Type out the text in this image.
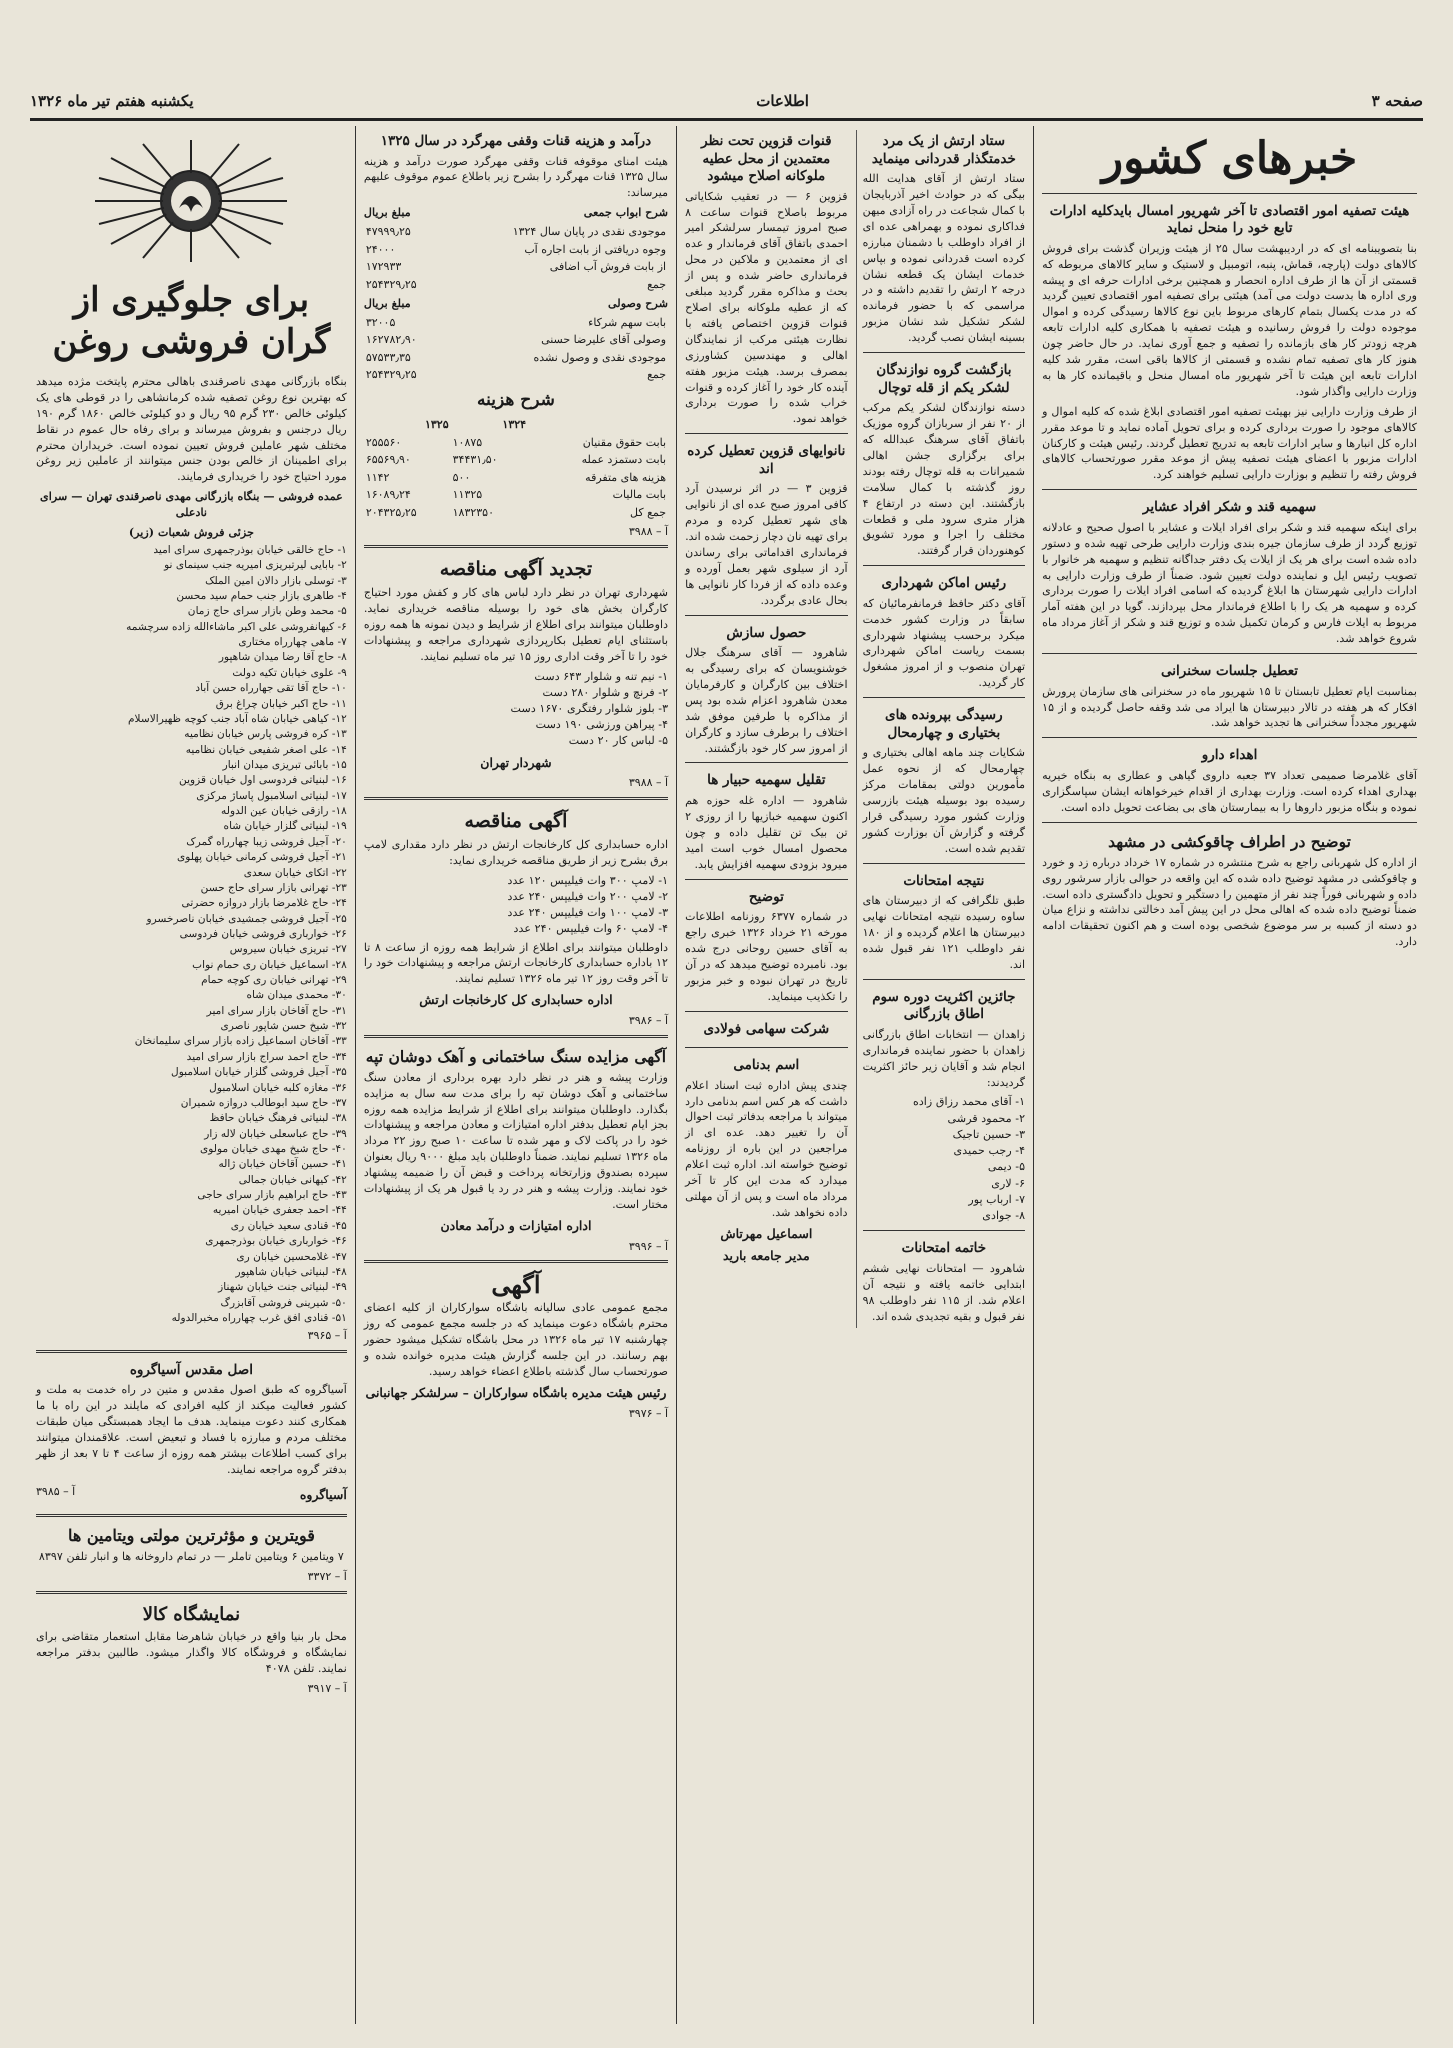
صفحه ۳
اطلاعات
یکشنبه هفتم تیر ماه ۱۳۲۶
خبرهای کشور
هیئت تصفیه امور اقتصادی تا آخر شهریور امسال بایدکلیه ادارات تابع خود را منحل نماید

بنا بتصویبنامه ای که در اردیبهشت سال ۲۵ از هیئت وزیران گذشت برای فروش کالاهای دولت (پارچه، قماش، پنبه، اتومبیل و لاستیک و سایر کالاهای مربوطه که قسمتی از آن ها از طرف اداره انحصار و همچنین برخی ادارات حرفه ای و پیشه وری اداره ها بدست دولت می آمد) هیئتی برای تصفیه امور اقتصادی تعیین گردید که در مدت یکسال بتمام کارهای مربوط باین نوع کالاها رسیدگی کرده و اموال موجوده دولت را فروش رسانیده و هیئت تصفیه با همکاری کلیه ادارات تابعه هرچه زودتر کار های بازمانده را تصفیه و جمع آوری نماید. در حال حاضر چون هنوز کار های تصفیه تمام نشده و قسمتی از کالاها باقی است، مقرر شد کلیه ادارات تابعه این هیئت تا آخر شهریور ماه امسال منحل و باقیمانده کار ها به وزارت دارایی واگذار شود.

از طرف وزارت دارایی نیز بهیئت تصفیه امور اقتصادی ابلاغ شده که کلیه اموال و کالاهای موجود را صورت برداری کرده و برای تحویل آماده نماید و تا موعد مقرر اداره کل انبارها و سایر ادارات تابعه به تدریج تعطیل گردند. رئیس هیئت و کارکنان ادارات مزبور با اعضای هیئت تصفیه پیش از موعد مقرر صورتحساب کالاهای فروش رفته را تنظیم و بوزارت دارایی تسلیم خواهند کرد.

سهمیه قند و شکر افراد عشایر

برای اینکه سهمیه قند و شکر برای افراد ایلات و عشایر با اصول صحیح و عادلانه توزیع گردد از طرف سازمان جیره بندی وزارت دارایی طرحی تهیه شده و دستور داده شده است برای هر یک از ایلات یک دفتر جداگانه تنظیم و سهمیه هر خانوار با تصویب رئیس ایل و نماینده دولت تعیین شود. ضمناً از طرف وزارت دارایی به ادارات دارایی شهرستان ها ابلاغ گردیده که اسامی افراد ایلات را صورت برداری کرده و سهمیه هر یک را با اطلاع فرماندار محل بپردازند. گویا در این هفته آمار مربوط به ایلات فارس و کرمان تکمیل شده و توزیع قند و شکر از آغاز مرداد ماه شروع خواهد شد.

تعطیل جلسات سخنرانی

بمناسبت ایام تعطیل تابستان تا ۱۵ شهریور ماه در سخنرانی های سازمان پرورش افکار که هر هفته در تالار دبیرستان ها ایراد می شد وقفه حاصل گردیده و از ۱۵ شهریور مجدداً سخنرانی ها تجدید خواهد شد.

اهداء دارو

آقای غلامرضا صمیمی تعداد ۳۷ جعبه داروی گیاهی و عطاری به بنگاه خیریه بهداری اهداء کرده است. وزارت بهداری از اقدام خیرخواهانه ایشان سپاسگزاری نموده و بنگاه مزبور داروها را به بیمارستان های بی بضاعت تحویل داده است.

توضیح در اطراف چاقوکشی در مشهد

از اداره کل شهربانی راجع به شرح منتشره در شماره ۱۷ خرداد درباره زد و خورد و چاقوکشی در مشهد توضیح داده شده که این واقعه در حوالی بازار سرشور روی داده و شهربانی فوراً چند نفر از متهمین را دستگیر و تحویل دادگستری داده است. ضمناً توضیح داده شده که اهالی محل در این پیش آمد دخالتی نداشته و نزاع میان دو دسته از کسبه بر سر موضوع شخصی بوده است و هم اکنون تحقیقات ادامه دارد.

ستاد ارتش از یک مرد خدمتگذار قدردانی مینماید

ستاد ارتش از آقای هدایت الله بیگی که در حوادث اخیر آذربایجان با کمال شجاعت در راه آزادی میهن فداکاری نموده و بهمراهی عده ای از افراد داوطلب با دشمنان مبارزه کرده است قدردانی نموده و بپاس خدمات ایشان یک قطعه نشان درجه ۲ ارتش را تقدیم داشته و در مراسمی که با حضور فرمانده لشکر تشکیل شد نشان مزبور بسینه ایشان نصب گردید.

بازگشت گروه نوازندگان لشکر یکم از قله توچال

دسته نوازندگان لشکر یکم مرکب از ۲۰ نفر از سربازان گروه موزیک باتفاق آقای سرهنگ عبدالله که برای برگزاری جشن اهالی شمیرانات به قله توچال رفته بودند روز گذشته با کمال سلامت بازگشتند. این دسته در ارتفاع ۴ هزار متری سرود ملی و قطعات مختلف را اجرا و مورد تشویق کوهنوردان قرار گرفتند.

رئیس اماکن شهرداری

آقای دکتر حافظ فرمانفرمائیان که سابقاً در وزارت کشور خدمت میکرد برحسب پیشنهاد شهرداری بسمت ریاست اماکن شهرداری تهران منصوب و از امروز مشغول کار گردید.

رسیدگی بپرونده های بختیاری و چهارمحال

شکایات چند ماهه اهالی بختیاری و چهارمحال که از نحوه عمل مأمورین دولتی بمقامات مرکز رسیده بود بوسیله هیئت بازرسی وزارت کشور مورد رسیدگی قرار گرفته و گزارش آن بوزارت کشور تقدیم شده است.

نتیجه امتحانات

طبق تلگرافی که از دبیرستان های ساوه رسیده نتیجه امتحانات نهایی دبیرستان ها اعلام گردیده و از ۱۸۰ نفر داوطلب ۱۲۱ نفر قبول شده اند.

جائزین اکثریت دوره سوم اطاق بازرگانی

زاهدان — انتخابات اطاق بازرگانی زاهدان با حضور نماینده فرمانداری انجام شد و آقایان زیر حائز اکثریت گردیدند:

۱- آقای محمد رزاق زاده
۲- محمود قرشی
۳- حسین تاجیک
۴- رجب حمیدی
۵- دیمی
۶- لاری
۷- ارباب پور
۸- جوادی
خاتمه امتحانات

شاهرود — امتحانات نهایی ششم ابتدایی خاتمه یافته و نتیجه آن اعلام شد. از ۱۱۵ نفر داوطلب ۹۸ نفر قبول و بقیه تجدیدی شده اند.

قنوات قزوین تحت نظر معتمدین از محل عطیه ملوکانه اصلاح میشود

قزوین ۶ — در تعقیب شکایاتی مربوط باصلاح قنوات ساعت ۸ صبح امروز تیمسار سرلشکر امیر احمدی باتفاق آقای فرماندار و عده ای از معتمدین و ملاکین در محل فرمانداری حاضر شده و پس از بحث و مذاکره مقرر گردید مبلغی که از عطیه ملوکانه برای اصلاح قنوات قزوین اختصاص یافته با نظارت هیئتی مرکب از نمایندگان اهالی و مهندسین کشاورزی بمصرف برسد. هیئت مزبور هفته آینده کار خود را آغاز کرده و قنوات خراب شده را صورت برداری خواهد نمود.

نانوایهای قزوین تعطیل کرده اند

قزوین ۳ — در اثر نرسیدن آرد کافی امروز صبح عده ای از نانوایی های شهر تعطیل کرده و مردم برای تهیه نان دچار زحمت شده اند. فرمانداری اقداماتی برای رساندن آرد از سیلوی شهر بعمل آورده و وعده داده که از فردا کار نانوایی ها بحال عادی برگردد.

حصول سازش

شاهرود — آقای سرهنگ جلال خوشنویسان که برای رسیدگی به اختلاف بین کارگران و کارفرمایان معدن شاهرود اعزام شده بود پس از مذاکره با طرفین موفق شد اختلاف را برطرف سازد و کارگران از امروز سر کار خود بازگشتند.

تقلیل سهمیه حبیار ها

شاهرود — اداره غله حوزه هم اکنون سهمیه خبازیها را از روزی ۲ تن بیک تن تقلیل داده و چون محصول امسال خوب است امید میرود بزودی سهمیه افزایش یابد.

توضیح

در شماره ۶۳۷۷ روزنامه اطلاعات مورخه ۲۱ خرداد ۱۳۲۶ خبری راجع به آقای حسین روحانی درج شده بود. نامبرده توضیح میدهد که در آن تاریخ در تهران نبوده و خبر مزبور را تکذیب مینماید.

شرکت سهامی فولادی
اسم بدنامی

چندی پیش اداره ثبت اسناد اعلام داشت که هر کس اسم بدنامی دارد میتواند با مراجعه بدفاتر ثبت احوال آن را تغییر دهد. عده ای از مراجعین در این باره از روزنامه توضیح خواسته اند. اداره ثبت اعلام میدارد که مدت این کار تا آخر مرداد ماه است و پس از آن مهلتی داده نخواهد شد.

اسماعیل مهرتاش
مدیر جامعه بارید
درآمد و هزینه قنات وقفی مهرگرد در سال ۱۳۲۵

هیئت امنای موقوفه قنات وقفی مهرگرد صورت درآمد و هزینه سال ۱۳۲۵ قنات مهرگرد را بشرح زیر باطلاع عموم موقوف علیهم میرساند:

شرح ابواب جمعی
مبلغ بریال
موجودی نقدی در پایان سال ۱۳۲۴	۴۷۹۹۹٫۲۵
وجوه دریافتی از بابت اجاره آب	۲۴۰۰۰
از بابت فروش آب اضافی	۱۷۲۹۳۳
جمع	۲۵۴۳۲۹٫۲۵
شرح وصولی
مبلغ بریال
بابت سهم شرکاء	۳۲۰۰۵
وصولی آقای علیرضا حسنی	۱۶۲۷۸۲٫۹۰
موجودی نقدی و وصول نشده	۵۷۵۳۳٫۳۵
جمع	۲۵۴۳۲۹٫۲۵
شرح هزینه
	۱۳۲۴	۱۳۲۵
بابت حقوق مقنیان	۱۰۸۷۵	۲۵۵۵۶۰
بابت دستمزد عمله	۳۴۴۳۱٫۵۰	۶۵۵۶۹٫۹۰
هزینه های متفرقه	۵۰۰	۱۱۴۲
بابت مالیات	۱۱۳۲۵	۱۶۰۸۹٫۲۴
جمع کل	۱۸۳۲۳۵۰	۲۰۴۳۲۵٫۲۵
آ – ۳۹۸۸
تجدید آگهی مناقصه

شهرداری تهران در نظر دارد لباس های کار و کفش مورد احتیاج کارگران بخش های خود را بوسیله مناقصه خریداری نماید. داوطلبان میتوانند برای اطلاع از شرایط و دیدن نمونه ها همه روزه باستثنای ایام تعطیل بکارپردازی شهرداری مراجعه و پیشنهادات خود را تا آخر وقت اداری روز ۱۵ تیر ماه تسلیم نمایند.

۱- نیم تنه و شلوار ۶۴۳ دست
۲- فرنچ و شلوار ۲۸۰ دست
۳- بلوز شلوار رفتگری ۱۶۷۰ دست
۴- پیراهن ورزشی ۱۹۰ دست
۵- لباس کار ۲۰ دست
شهردار تهران
آ – ۳۹۸۸
آگهی مناقصه

اداره حسابداری کل کارخانجات ارتش در نظر دارد مقداری لامپ برق بشرح زیر از طریق مناقصه خریداری نماید:

۱- لامپ ۳۰۰ وات فیلیپس ۱۲۰ عدد
۲- لامپ ۲۰۰ وات فیلیپس ۲۴۰ عدد
۳- لامپ ۱۰۰ وات فیلیپس ۲۴۰ عدد
۴- لامپ ۶۰ وات فیلیپس ۲۴۰ عدد

داوطلبان میتوانند برای اطلاع از شرایط همه روزه از ساعت ۸ تا ۱۲ باداره حسابداری کارخانجات ارتش مراجعه و پیشنهادات خود را تا آخر وقت روز ۱۲ تیر ماه ۱۳۲۶ تسلیم نمایند.

اداره حسابداری کل کارخانجات ارتش
آ – ۳۹۸۶
آگهی مزایده سنگ ساختمانی و آهک دوشان تپه

وزارت پیشه و هنر در نظر دارد بهره برداری از معادن سنگ ساختمانی و آهک دوشان تپه را برای مدت سه سال به مزایده بگذارد. داوطلبان میتوانند برای اطلاع از شرایط مزایده همه روزه بجز ایام تعطیل بدفتر اداره امتیازات و معادن مراجعه و پیشنهادات خود را در پاکت لاک و مهر شده تا ساعت ۱۰ صبح روز ۲۲ مرداد ماه ۱۳۲۶ تسلیم نمایند. ضمناً داوطلبان باید مبلغ ۹۰۰۰ ریال بعنوان سپرده بصندوق وزارتخانه پرداخت و قبض آن را ضمیمه پیشنهاد خود نمایند. وزارت پیشه و هنر در رد یا قبول هر یک از پیشنهادات مختار است.

اداره امتیازات و درآمد معادن
آ – ۳۹۹۶
آگهی

مجمع عمومی عادی سالیانه باشگاه سوارکاران از کلیه اعضای محترم باشگاه دعوت مینماید که در جلسه مجمع عمومی که روز چهارشنبه ۱۷ تیر ماه ۱۳۲۶ در محل باشگاه تشکیل میشود حضور بهم رسانند. در این جلسه گزارش هیئت مدیره خوانده شده و صورتحساب سال گذشته باطلاع اعضاء خواهد رسید.

رئیس هیئت مدیره باشگاه سوارکاران – سرلشکر جهانبانی
آ – ۳۹۷۶
برای جلوگیری از گران فروشی روغن

بنگاه بازرگانی مهدی ناصرقندی باهالی محترم پایتخت مژده میدهد که بهترین نوع روغن تصفیه شده کرمانشاهی را در قوطی های یک کیلوئی خالص ۲۳۰ گرم ۹۵ ریال و دو کیلوئی خالص ۱۸۶۰ گرم ۱۹۰ ریال درجنس و بفروش میرساند و برای رفاه حال عموم در نقاط مختلف شهر عاملین فروش تعیین نموده است. خریداران محترم برای اطمینان از خالص بودن جنس میتوانند از عاملین زیر روغن مورد احتیاج خود را خریداری فرمایند.

عمده فروشی — بنگاه بازرگانی مهدی ناصرقندی تهران — سرای نادعلی

جزئی فروش شعبات (زیر)
۱- حاج خالقی خیابان بوذرجمهری سرای امید
۲- بابایی لیرتبریزی امیریه جنب سینمای نو
۳- توسلی بازار دالان امین الملک
۴- طاهری بازار جنب حمام سید محسن
۵- محمد وطن بازار سرای حاج زمان
۶- کیهانفروشی علی اکبر ماشاءالله زاده سرچشمه
۷- ماهی چهارراه مختاری
۸- حاج آقا رضا میدان شاهپور
۹- علوی خیابان تکیه دولت
۱۰- حاج آقا تقی جهارراه حسن آباد
۱۱- حاج اکبر خیابان چراغ برق
۱۲- کیاهی خیابان شاه آباد جنب کوچه ظهیرالاسلام
۱۳- کره فروشی پارس خیابان نظامیه
۱۴- علی اصغر شفیعی خیابان نظامیه
۱۵- بابائی تبریزی میدان انبار
۱۶- لبنیاتی فردوسی اول خیابان قزوین
۱۷- لبنیاتی اسلامبول پاساژ مرکزی
۱۸- رازقی خیابان عین الدوله
۱۹- لبنیاتی گلزار خیابان شاه
۲۰- آجیل فروشی زیبا چهارراه گمرک
۲۱- آجیل فروشی کرمانی خیابان پهلوی
۲۲- اتکای خیابان سعدی
۲۳- تهرانی بازار سرای حاج حسن
۲۴- حاج غلامرضا بازار دروازه حضرتی
۲۵- آجیل فروشی جمشیدی خیابان ناصرخسرو
۲۶- خوارباری فروشی خیابان فردوسی
۲۷- تبریزی خیابان سیروس
۲۸- اسماعیل خیابان ری حمام نواب
۲۹- تهرانی خیابان ری کوچه حمام
۳۰- محمدی میدان شاه
۳۱- حاج آقاخان بازار سرای امیر
۳۲- شیخ حسن شاپور ناصری
۳۳- آقاخان اسماعیل زاده بازار سرای سلیمانخان
۳۴- حاج احمد سراج بازار سرای امید
۳۵- آجیل فروشی گلزار خیابان اسلامبول
۳۶- مغازه کلبه خیابان اسلامبول
۳۷- حاج سید ابوطالب دروازه شمیران
۳۸- لبنیاتی فرهنگ خیابان حافظ
۳۹- حاج عباسعلی خیابان لاله زار
۴۰- حاج شیخ مهدی خیابان مولوی
۴۱- حسین آقاخان خیابان ژاله
۴۲- کیهانی خیابان جمالی
۴۳- حاج ابراهیم بازار سرای حاجی
۴۴- احمد جعفری خیابان امیریه
۴۵- قنادی سعید خیابان ری
۴۶- خوارباری خیابان بوذرجمهری
۴۷- غلامحسین خیابان ری
۴۸- لبنیاتی خیابان شاهپور
۴۹- لبنیاتی جنت خیابان شهناز
۵۰- شیرینی فروشی آقابزرگ
۵۱- قنادی افق غرب چهارراه مخبرالدوله
آ – ۳۹۶۵
اصل مقدس آسیاگروه

آسیاگروه که طبق اصول مقدس و متین در راه خدمت به ملت و کشور فعالیت میکند از کلیه افرادی که مایلند در این راه با ما همکاری کنند دعوت مینماید. هدف ما ایجاد همبستگی میان طبقات مختلف مردم و مبارزه با فساد و تبعیض است. علاقمندان میتوانند برای کسب اطلاعات بیشتر همه روزه از ساعت ۴ تا ۷ بعد از ظهر بدفتر گروه مراجعه نمایند.

آسیاگروه
آ – ۳۹۸۵
قویترین و مؤثرترین مولتی ویتامین ها

۷ ویتامین ۶ ویتامین تاملر — در تمام داروخانه ها و انبار تلفن ۸۳۹۷

آ – ۳۳۷۲
نمایشگاه کالا

محل بار بنیا واقع در خیابان شاهرضا مقابل استعمار متقاضی برای نمایشگاه و فروشگاه کالا واگذار میشود. طالبین بدفتر مراجعه نمایند. تلفن ۴۰۷۸

آ – ۳۹۱۷
